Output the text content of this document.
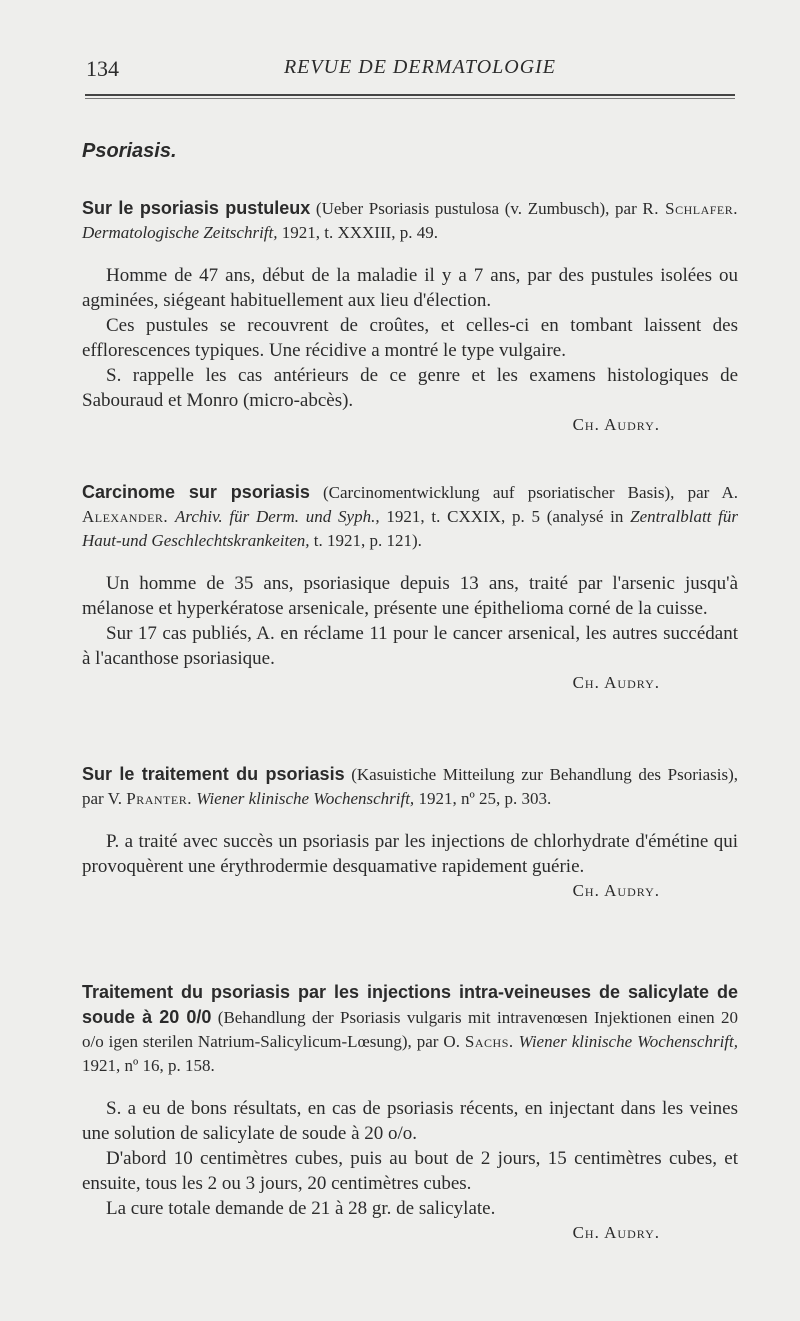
134	REVUE DE DERMATOLOGIE
Psoriasis.

Sur le psoriasis pustuleux (Ueber Psoriasis pustulosa (v. Zumbusch), par R. Schlafer. Dermatologische Zeitschrift, 1921, t. XXXIII, p. 49.

Homme de 47 ans, début de la maladie il y a 7 ans, par des pustules isolées ou agminées, siégeant habituellement aux lieu d'élection.

Ces pustules se recouvrent de croûtes, et celles-ci en tombant laissent des efflorescences typiques. Une récidive a montré le type vulgaire.

S. rappelle les cas antérieurs de ce genre et les examens histologiques de Sabouraud et Monro (micro-abcès).

Ch. Audry.

Carcinome sur psoriasis (Carcinomentwicklung auf psoriatischer Basis), par A. Alexander. Archiv. für Derm. und Syph., 1921, t. CXXIX, p. 5 (analysé in Zentralblatt für Haut-und Geschlechtskrankeiten, t. 1921, p. 121).

Un homme de 35 ans, psoriasique depuis 13 ans, traité par l'arsenic jusqu'à mélanose et hyperkératose arsenicale, présente une épithelioma corné de la cuisse.

Sur 17 cas publiés, A. en réclame 11 pour le cancer arsenical, les autres succédant à l'acanthose psoriasique.

Ch. Audry.

Sur le traitement du psoriasis (Kasuistiche Mitteilung zur Behandlung des Psoriasis), par V. Pranter. Wiener klinische Wochenschrift, 1921, nº 25, p. 303.

P. a traité avec succès un psoriasis par les injections de chlorhydrate d'émétine qui provoquèrent une érythrodermie desquamative rapidement guérie.

Ch. Audry.

Traitement du psoriasis par les injections intra-veineuses de salicylate de soude à 20 0/0 (Behandlung der Psoriasis vulgaris mit intravenœsen Injektionen einen 20 o/o igen sterilen Natrium-Salicylicum-Lœsung), par O. Sachs. Wiener klinische Wochenschrift, 1921, nº 16, p. 158.

S. a eu de bons résultats, en cas de psoriasis récents, en injectant dans les veines une solution de salicylate de soude à 20 o/o.

D'abord 10 centimètres cubes, puis au bout de 2 jours, 15 centimètres cubes, et ensuite, tous les 2 ou 3 jours, 20 centimètres cubes.

La cure totale demande de 21 à 28 gr. de salicylate.

Ch. Audry.
